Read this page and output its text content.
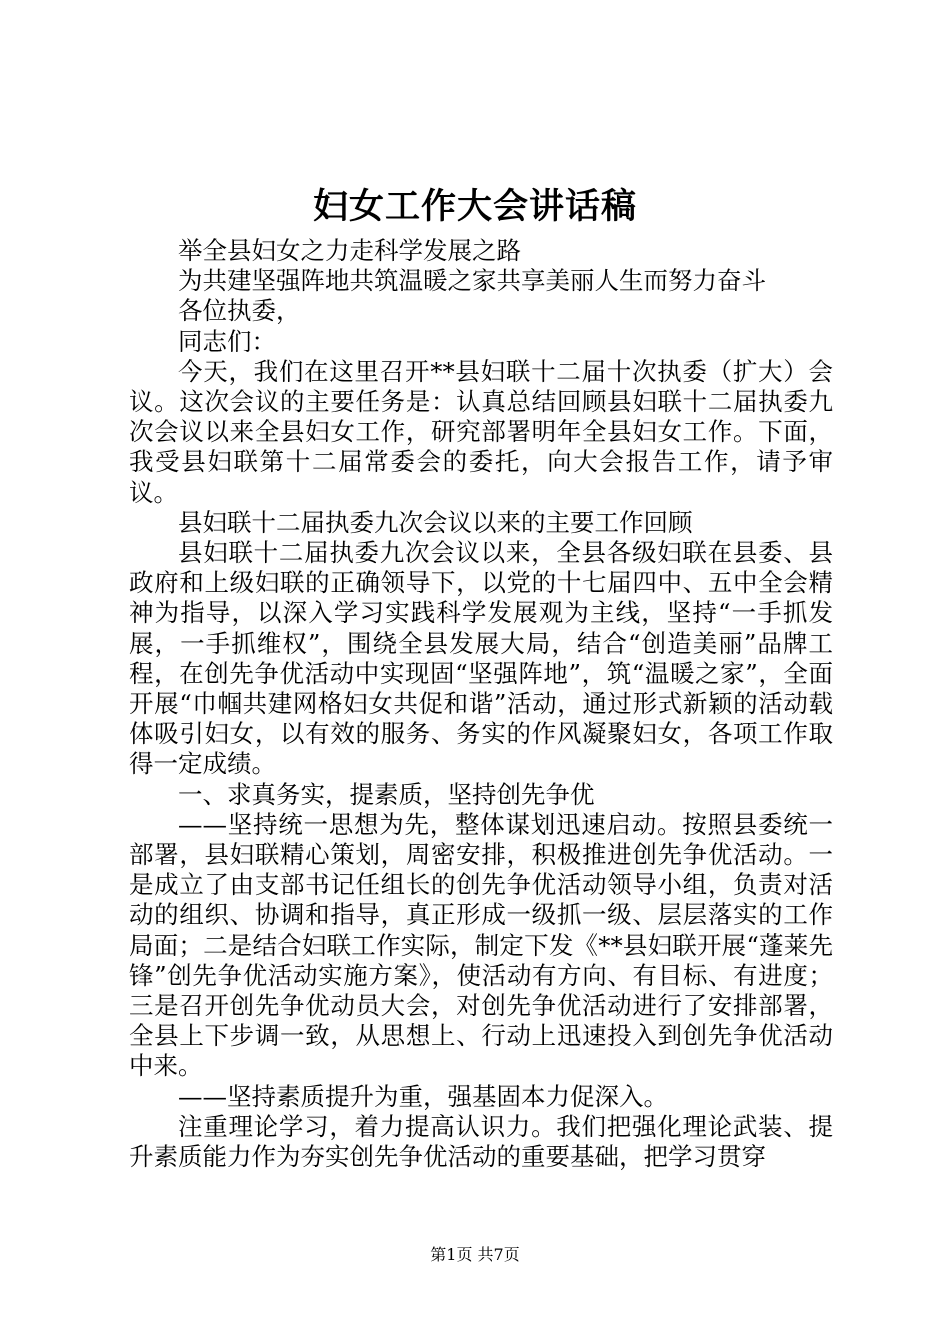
妇女工作大会讲话稿

举全县妇女之力走科学发展之路

为共建坚强阵地共筑温暖之家共享美丽人生而努力奋斗

各位执委，

同志们：

今天，我们在这里召开**县妇联十二届十次执委（扩大）会议。这次会议的主要任务是：认真总结回顾县妇联十二届执委九次会议以来全县妇女工作，研究部署明年全县妇女工作。下面，我受县妇联第十二届常委会的委托，向大会报告工作，请予审议。

县妇联十二届执委九次会议以来的主要工作回顾

县妇联十二届执委九次会议以来，全县各级妇联在县委、县政府和上级妇联的正确领导下，以党的十七届四中、五中全会精神为指导，以深入学习实践科学发展观为主线，坚持“一手抓发展，一手抓维权”，围绕全县发展大局，结合“创造美丽”品牌工程，在创先争优活动中实现固“坚强阵地”，筑“温暖之家”，全面开展“巾帼共建网格妇女共促和谐”活动，通过形式新颖的活动载体吸引妇女，以有效的服务、务实的作风凝聚妇女，各项工作取得一定成绩。

一、求真务实，提素质，坚持创先争优

——坚持统一思想为先，整体谋划迅速启动。按照县委统一部署，县妇联精心策划，周密安排，积极推进创先争优活动。一是成立了由支部书记任组长的创先争优活动领导小组，负责对活动的组织、协调和指导，真正形成一级抓一级、层层落实的工作局面；二是结合妇联工作实际，制定下发《**县妇联开展“蓬莱先锋”创先争优活动实施方案》，使活动有方向、有目标、有进度；三是召开创先争优动员大会，对创先争优活动进行了安排部署，全县上下步调一致，从思想上、行动上迅速投入到创先争优活动中来。

——坚持素质提升为重，强基固本力促深入。

注重理论学习，着力提高认识力。我们把强化理论武装、提升素质能力作为夯实创先争优活动的重要基础，把学习贯穿

第1页 共7页
